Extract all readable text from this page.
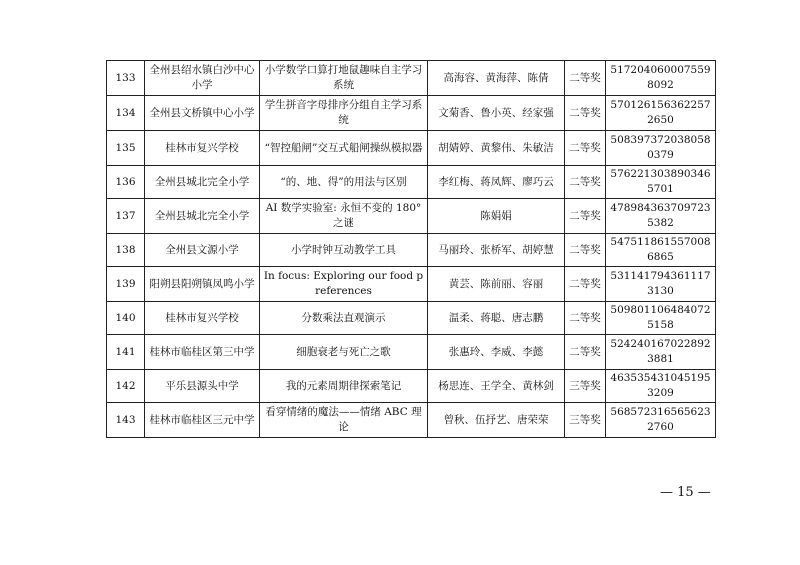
133	全州县绍水镇白沙中心小学	小学数学口算打地鼠趣味自主学习系统	高海容、黄海萍、陈倩	二等奖	5172040600075598092
134	全州县文桥镇中心小学	学生拼音字母排序分组自主学习系统	文菊香、鲁小英、经家强	二等奖	5701261563622572650
135	桂林市复兴学校	“智控船闸”交互式船闸操纵模拟器	胡婧婷、黄黎伟、朱敏洁	二等奖	5083973720380580379
136	全州县城北完全小学	“的、地、得”的用法与区别	李红梅、蒋凤辉、廖巧云	二等奖	5762213038903465701
137	全州县城北完全小学	AI 数学实验室: 永恒不变的 180°之谜	陈娟娟	二等奖	4789843637097235382
138	全州县文源小学	小学时钟互动教学工具	马丽玲、张桥军、胡婷慧	二等奖	5475118615570086865
139	阳朔县阳朔镇凤鸣小学	In focus: Exploring our food preferences	黄芸、陈前丽、容丽	二等奖	5311417943611173130
140	桂林市复兴学校	分数乘法直观演示	温柔、蒋聪、唐志鹏	二等奖	5098011064840725158
141	桂林市临桂区第三中学	细胞衰老与死亡之歌	张惠玲、李威、李懿	二等奖	5242401670228923881
142	平乐县源头中学	我的元素周期律探索笔记	杨思连、王学全、黄林剑	三等奖	4635354310451953209
143	桂林市临桂区三元中学	看穿情绪的魔法——情绪 ABC 理论	曾秋、伍抒艺、唐荣荣	三等奖	5685723165656232760
— 15 —
